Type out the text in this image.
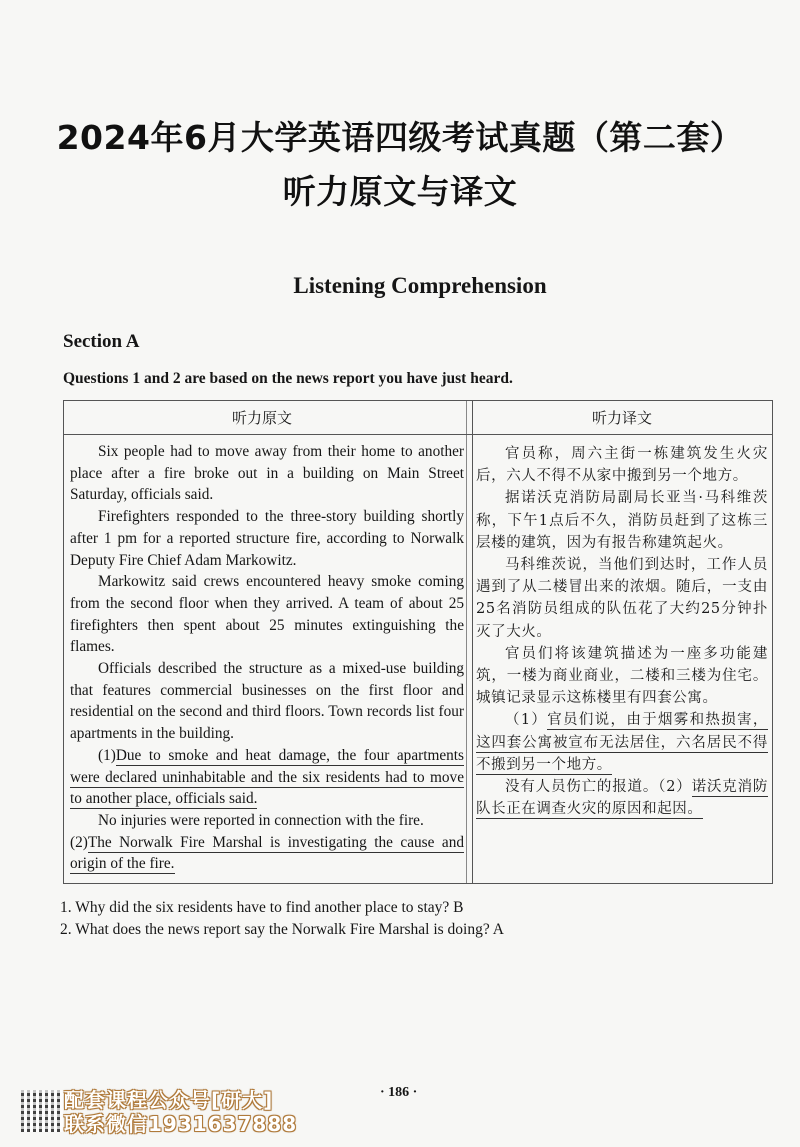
2024年6月大学英语四级考试真题（第二套）
听力原文与译文
Listening Comprehension
Section A
Questions 1 and 2 are based on the news report you have just heard.
听力原文	听力译文

Six people had to move away from their home to another place after a fire broke out in a building on Main Street Saturday, officials said.

Firefighters responded to the three-story building shortly after 1 pm for a reported structure fire, according to Norwalk Deputy Fire Chief Adam Markowitz.

Markowitz said crews encountered heavy smoke coming from the second floor when they arrived. A team of about 25 firefighters then spent about 25 minutes extinguishing the flames.

Officials described the structure as a mixed-use building that features commercial businesses on the first floor and residential on the second and third floors. Town records list four apartments in the building.

(1)Due to smoke and heat damage, the four apartments were declared uninhabitable and the six residents had to move to another place, officials said.

No injuries were reported in connection with the fire.

(2)The Norwalk Fire Marshal is investigating the cause and origin of the fire.

官员称，周六主街一栋建筑发生火灾后，六人不得不从家中搬到另一个地方。

据诺沃克消防局副局长亚当·马科维茨称，下午1点后不久，消防员赶到了这栋三层楼的建筑，因为有报告称建筑起火。

马科维茨说，当他们到达时，工作人员遇到了从二楼冒出来的浓烟。随后，一支由25名消防员组成的队伍花了大约25分钟扑灭了大火。

官员们将该建筑描述为一座多功能建筑，一楼为商业商业，二楼和三楼为住宅。城镇记录显示这栋楼里有四套公寓。

（1）官员们说，由于烟雾和热损害，这四套公寓被宣布无法居住，六名居民不得不搬到另一个地方。

没有人员伤亡的报道。（2）诺沃克消防队长正在调查火灾的原因和起因。

1. Why did the six residents have to find another place to stay? B
2. What does the news report say the Norwalk Fire Marshal is doing? A
· 186 ·
配套课程公众号[研大]
联系微信1931637888
